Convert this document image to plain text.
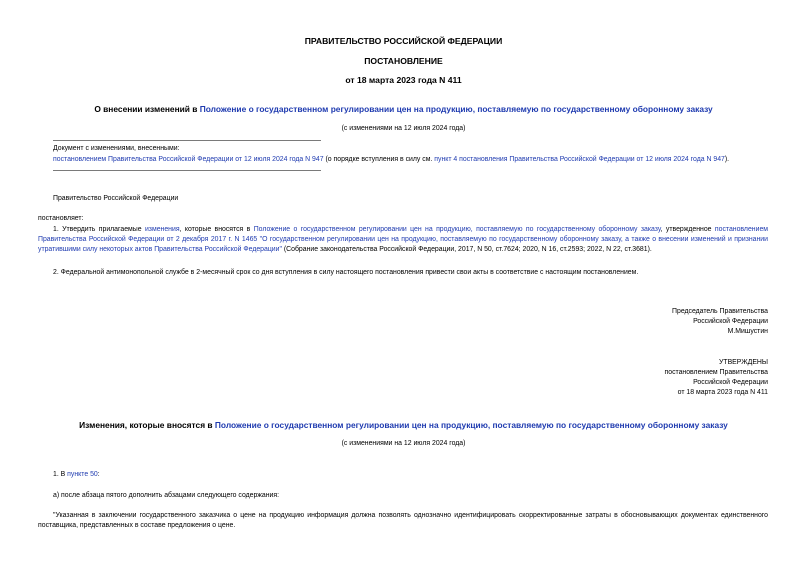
ПРАВИТЕЛЬСТВО РОССИЙСКОЙ ФЕДЕРАЦИИ
ПОСТАНОВЛЕНИЕ
от 18 марта 2023 года N 411
О внесении изменений в Положение о государственном регулировании цен на продукцию, поставляемую по государственному оборонному заказу
(с изменениями на 12 июля 2024 года)
Документ с изменениями, внесенными:
постановлением Правительства Российской Федерации от 12 июля 2024 года N 947 (о порядке вступления в силу см. пункт 4 постановления Правительства Российской Федерации от 12 июля 2024 года N 947).
Правительство Российской Федерации
постановляет:
1. Утвердить прилагаемые изменения, которые вносятся в Положение о государственном регулировании цен на продукцию, поставляемую по государственному оборонному заказу, утвержденное постановлением Правительства Российской Федерации от 2 декабря 2017 г. N 1465 "О государственном регулировании цен на продукцию, поставляемую по государственному оборонному заказу, а также о внесении изменений и признании утратившими силу некоторых актов Правительства Российской Федерации" (Собрание законодательства Российской Федерации, 2017, N 50, ст.7624; 2020, N 16, ст.2593; 2022, N 22, ст.3681).
2. Федеральной антимонопольной службе в 2-месячный срок со дня вступления в силу настоящего постановления привести свои акты в соответствие с настоящим постановлением.
Председатель Правительства
Российской Федерации
М.Мишустин
УТВЕРЖДЕНЫ
постановлением Правительства
Российской Федерации
от 18 марта 2023 года N 411
Изменения, которые вносятся в Положение о государственном регулировании цен на продукцию, поставляемую по государственному оборонному заказу
(с изменениями на 12 июля 2024 года)
1. В пункте 50:
а) после абзаца пятого дополнить абзацами следующего содержания:
"Указанная в заключении государственного заказчика о цене на продукцию информация должна позволять однозначно идентифицировать скорректированные затраты в обосновывающих документах единственного поставщика, представленных в составе предложения о цене.
